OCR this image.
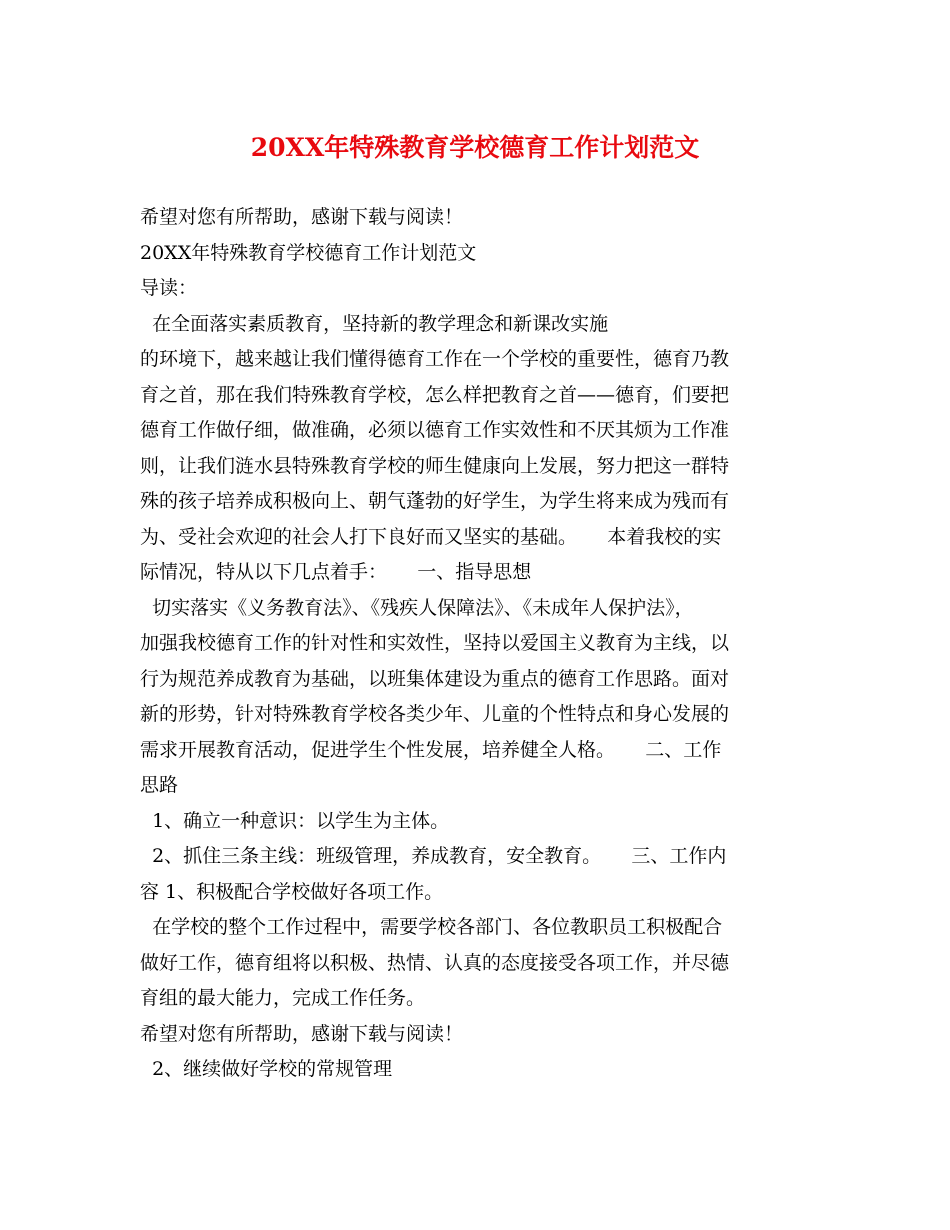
20XX年特殊教育学校德育工作计划范文
希望对您有所帮助，感谢下载与阅读！
20XX年特殊教育学校德育工作计划范文
导读：
在全面落实素质教育，坚持新的教学理念和新课改实施
的环境下，越来越让我们懂得德育工作在一个学校的重要性，德育乃教
育之首，那在我们特殊教育学校，怎么样把教育之首——德育，们要把
德育工作做仔细，做准确，必须以德育工作实效性和不厌其烦为工作准
则，让我们涟水县特殊教育学校的师生健康向上发展，努力把这一群特
殊的孩子培养成积极向上、朝气蓬勃的好学生，为学生将来成为残而有
为、受社会欢迎的社会人打下良好而又坚实的基础。     本着我校的实
际情况，特从以下几点着手：     一、指导思想
切实落实《义务教育法》、《残疾人保障法》、《未成年人保护法》，
加强我校德育工作的针对性和实效性，坚持以爱国主义教育为主线，以
行为规范养成教育为基础，以班集体建设为重点的德育工作思路。面对
新的形势，针对特殊教育学校各类少年、儿童的个性特点和身心发展的
需求开展教育活动，促进学生个性发展，培养健全人格。     二、工作
思路
1、确立一种意识：以学生为主体。
2、抓住三条主线：班级管理，养成教育，安全教育。     三、工作内
容 1、积极配合学校做好各项工作。
在学校的整个工作过程中，需要学校各部门、各位教职员工积极配合
做好工作，德育组将以积极、热情、认真的态度接受各项工作，并尽德
育组的最大能力，完成工作任务。
希望对您有所帮助，感谢下载与阅读！
2、继续做好学校的常规管理
